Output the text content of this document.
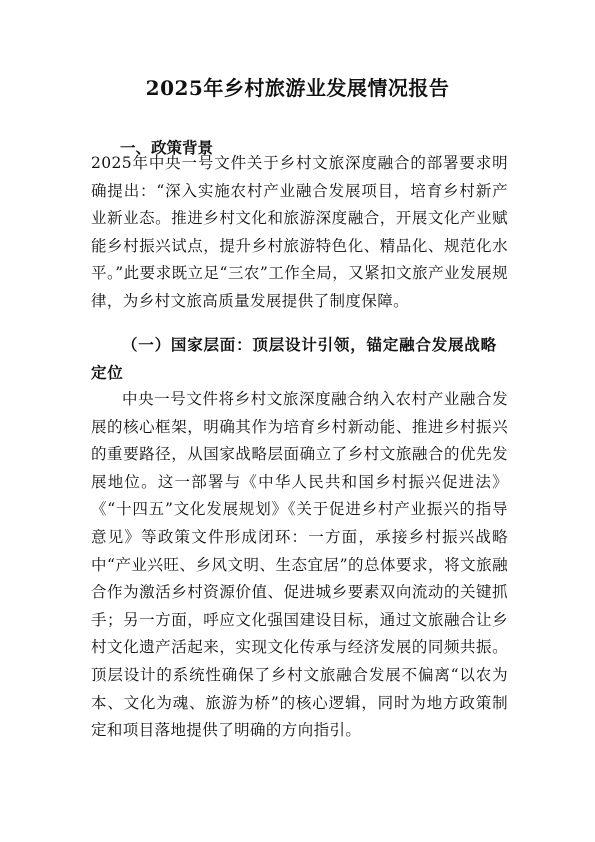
2025年乡村旅游业发展情况报告
一、政策背景

2025年中央一号文件关于乡村文旅深度融合的部署要求明确提出：“深入实施农村产业融合发展项目，培育乡村新产业新业态。推进乡村文化和旅游深度融合，开展文化产业赋能乡村振兴试点，提升乡村旅游特色化、精品化、规范化水平。”此要求既立足“三农”工作全局，又紧扣文旅产业发展规律，为乡村文旅高质量发展提供了制度保障。

（一）国家层面：顶层设计引领，锚定融合发展战略定位

中央一号文件将乡村文旅深度融合纳入农村产业融合发展的核心框架，明确其作为培育乡村新动能、推进乡村振兴的重要路径，从国家战略层面确立了乡村文旅融合的优先发展地位。这一部署与《中华人民共和国乡村振兴促进法》《“十四五”文化发展规划》《关于促进乡村产业振兴的指导意见》等政策文件形成闭环：一方面，承接乡村振兴战略中“产业兴旺、乡风文明、生态宜居”的总体要求，将文旅融合作为激活乡村资源价值、促进城乡要素双向流动的关键抓手；另一方面，呼应文化强国建设目标，通过文旅融合让乡村文化遗产活起来，实现文化传承与经济发展的同频共振。顶层设计的系统性确保了乡村文旅融合发展不偏离“以农为本、文化为魂、旅游为桥”的核心逻辑，同时为地方政策制定和项目落地提供了明确的方向指引。
